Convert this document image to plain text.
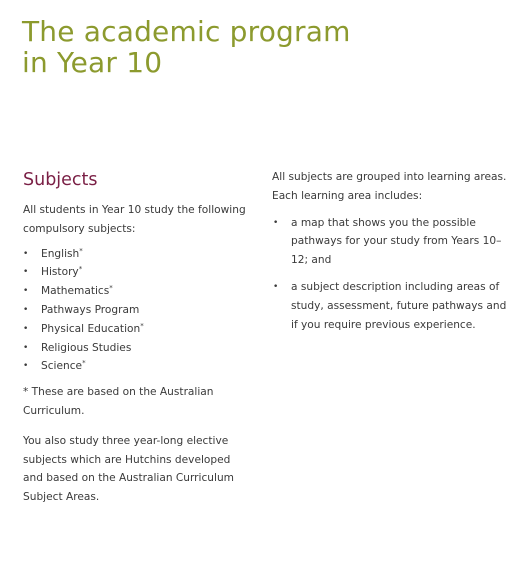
The academic program
in Year 10
Subjects

All students in Year 10 study the following compulsory subjects:

• English*
• History*
• Mathematics*
• Pathways Program
• Physical Education*
• Religious Studies
• Science*

* These are based on the Australian Curriculum.

You also study three year-long elective subjects which are Hutchins developed and based on the Australian Curriculum Subject Areas.

All subjects are grouped into learning areas. Each learning area includes:

• a map that shows you the possible pathways for your study from Years 10–12; and
• a subject description including areas of study, assessment, future pathways and if you require previous experience.
